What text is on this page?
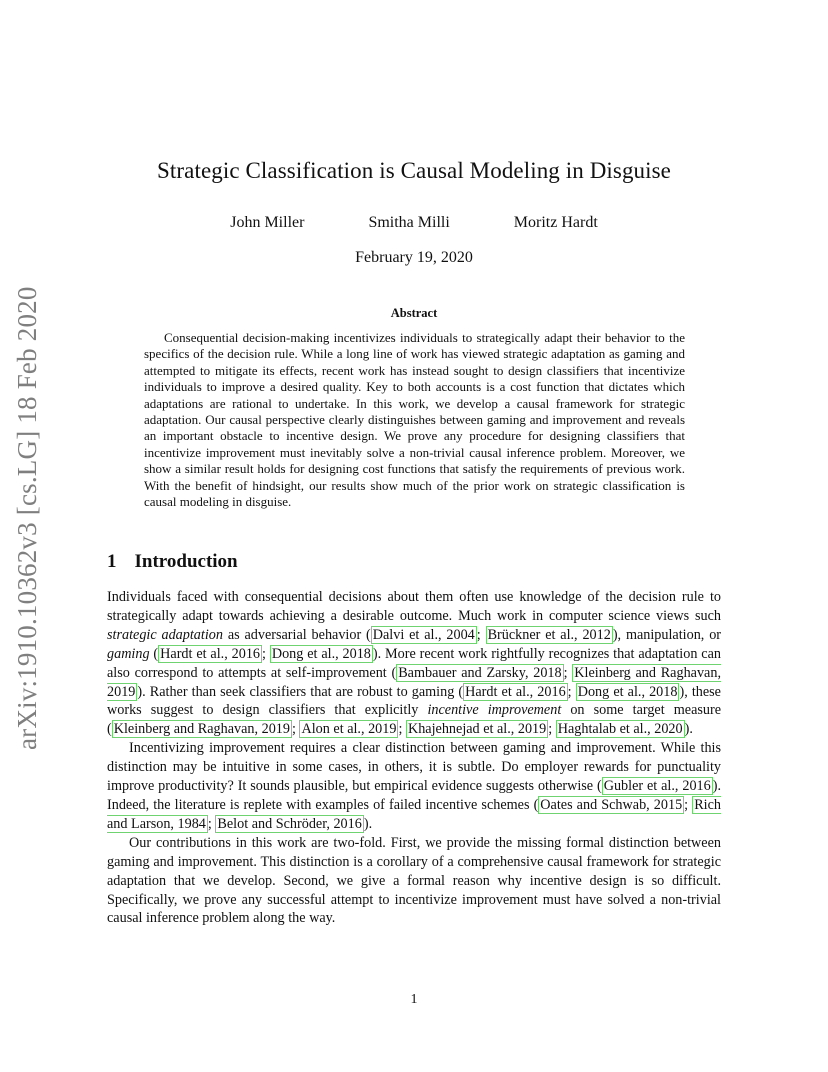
arXiv:1910.10362v3 [cs.LG] 18 Feb 2020
Strategic Classification is Causal Modeling in Disguise
John Miller	Smitha Milli	Moritz Hardt
February 19, 2020
Abstract

Consequential decision-making incentivizes individuals to strategically adapt their behavior to the specifics of the decision rule. While a long line of work has viewed strategic adaptation as gaming and attempted to mitigate its effects, recent work has instead sought to design classifiers that incentivize individuals to improve a desired quality. Key to both accounts is a cost function that dictates which adaptations are rational to undertake. In this work, we develop a causal framework for strategic adaptation. Our causal perspective clearly distinguishes between gaming and improvement and reveals an important obstacle to incentive design. We prove any procedure for designing classifiers that incentivize improvement must inevitably solve a non-trivial causal inference problem. Moreover, we show a similar result holds for designing cost functions that satisfy the requirements of previous work. With the benefit of hindsight, our results show much of the prior work on strategic classification is causal modeling in disguise.

1 Introduction

Individuals faced with consequential decisions about them often use knowledge of the decision rule to strategically adapt towards achieving a desirable outcome. Much work in computer science views such strategic adaptation as adversarial behavior ( Dalvi et al., 2004 ; Brückner et al., 2012 ), manipulation, or gaming ( Hardt et al., 2016 ; Dong et al., 2018 ). More recent work rightfully recognizes that adaptation can also correspond to attempts at self-improvement ( Bambauer and Zarsky, 2018 ; Kleinberg and Raghavan, 2019 ). Rather than seek classifiers that are robust to gaming ( Hardt et al., 2016 ; Dong et al., 2018 ), these works suggest to design classifiers that explicitly incentive improvement on some target measure ( Kleinberg and Raghavan, 2019 ; Alon et al., 2019 ; Khajehnejad et al., 2019 ; Haghtalab et al., 2020 ).

Incentivizing improvement requires a clear distinction between gaming and improvement. While this distinction may be intuitive in some cases, in others, it is subtle. Do employer rewards for punctuality improve productivity? It sounds plausible, but empirical evidence suggests otherwise ( Gubler et al., 2016 ). Indeed, the literature is replete with examples of failed incentive schemes ( Oates and Schwab, 2015 ; Rich and Larson, 1984 ; Belot and Schröder, 2016 ).

Our contributions in this work are two-fold. First, we provide the missing formal distinction between gaming and improvement. This distinction is a corollary of a comprehensive causal framework for strategic adaptation that we develop. Second, we give a formal reason why incentive design is so difficult. Specifically, we prove any successful attempt to incentivize improvement must have solved a non-trivial causal inference problem along the way.

1
